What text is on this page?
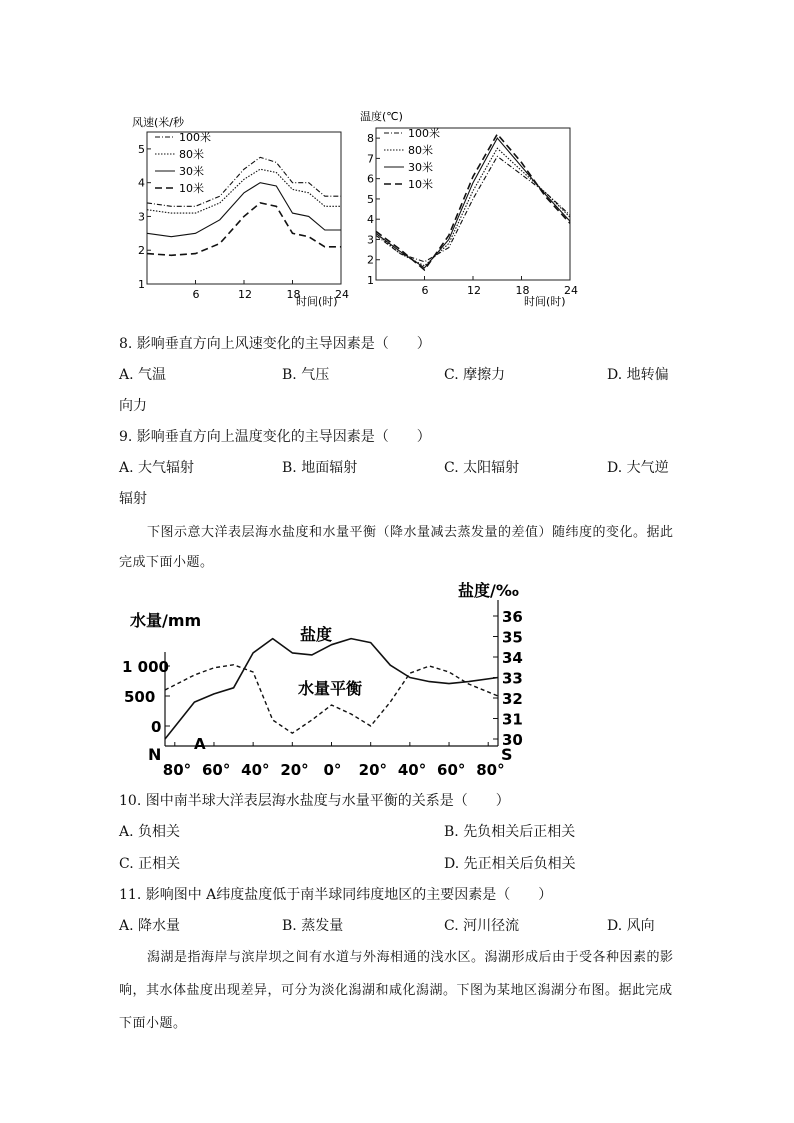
风速(米/秒
1
2
3
4
5
6	12	18	24
100米
80米
30米
10米
时间(时)
温度(℃)
1
2
3
4
5
6
7
8
6	12	18	24
100米
80米
30米
10米
时间(时)
8. 影响垂直方向上风速变化的主导因素是（　　）
A. 气温	B. 气压	C. 摩擦力	D. 地转偏
向力
9. 影响垂直方向上温度变化的主导因素是（　　）
A. 大气辐射	B. 地面辐射	C. 太阳辐射	D. 大气逆
辐射
下图示意大洋表层海水盐度和水量平衡（降水量减去蒸发量的差值）随纬度的变化。据此完成下面小题。
水量/mm
盐度/‰
1 000
500
0
36
35
34
33
32
31
30
80° 60° 40° 20° 0° 20° 40° 60° 80°
N	S
A
盐度
水量平衡
10. 图中南半球大洋表层海水盐度与水量平衡的关系是（　　）
A. 负相关	B. 先负相关后正相关
C. 正相关	D. 先正相关后负相关
11. 影响图中 A纬度盐度低于南半球同纬度地区的主要因素是（　　）
A. 降水量	B. 蒸发量	C. 河川径流	D. 风向
潟湖是指海岸与滨岸坝之间有水道与外海相通的浅水区。潟湖形成后由于受各种因素的影响，其水体盐度出现差异，可分为淡化潟湖和咸化潟湖。下图为某地区潟湖分布图。据此完成下面小题。
